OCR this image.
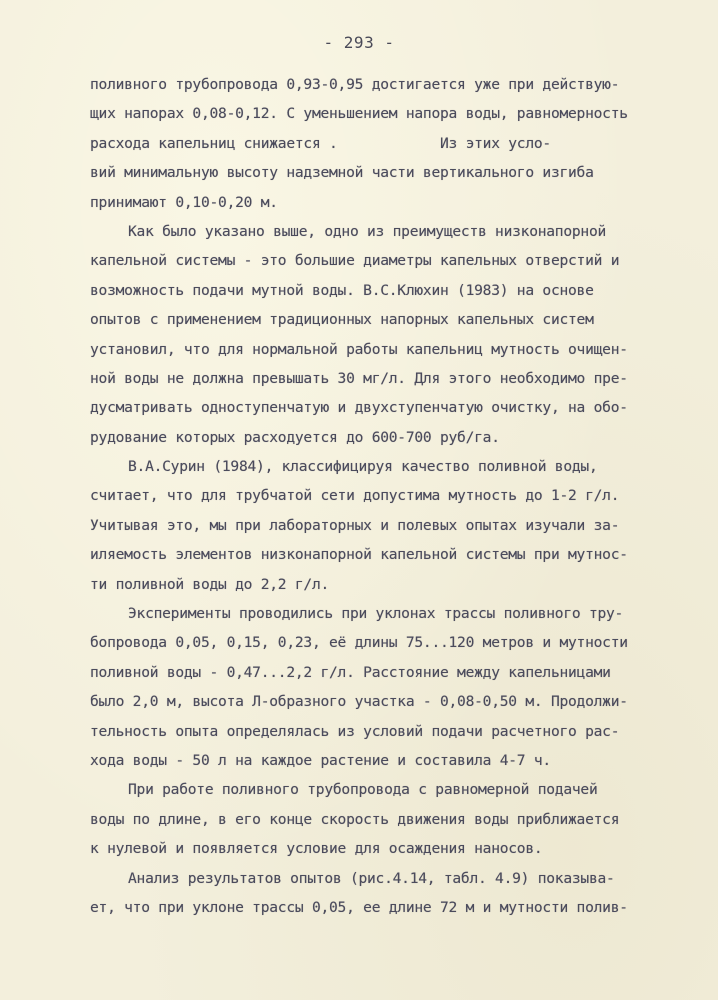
- 293 -
поливного трубопровода 0,93-0,95 достигается уже при действую-
щих напорах 0,08-0,12. С уменьшением напора воды, равномерность
расхода капельниц снижается .            Из этих усло-
вий минимальную высоту надземной части вертикального изгиба
принимают 0,10-0,20 м.
Как было указано выше, одно из преимуществ низконапорной
капельной системы - это большие диаметры капельных отверстий и
возможность подачи мутной воды. В.С.Клюхин (1983) на основе
опытов с применением традиционных напорных капельных систем
установил, что для нормальной работы капельниц мутность очищен-
ной воды не должна превышать 30 мг/л. Для этого необходимо пре-
дусматривать одноступенчатую и двухступенчатую очистку, на обо-
рудование которых расходуется до 600-700 руб/га.
В.А.Сурин (1984), классифицируя качество поливной воды,
считает, что для трубчатой сети допустима мутность до 1-2 г/л.
Учитывая это, мы при лабораторных и полевых опытах изучали за-
иляемость элементов низконапорной капельной системы при мутнос-
ти поливной воды до 2,2 г/л.
Эксперименты проводились при уклонах трассы поливного тру-
бопровода 0,05, 0,15, 0,23, её длины 75...120 метров и мутности
поливной воды - 0,47...2,2 г/л. Расстояние между капельницами
было 2,0 м, высота Л-образного участка - 0,08-0,50 м. Продолжи-
тельность опыта определялась из условий подачи расчетного рас-
хода воды - 50 л на каждое растение и составила 4-7 ч.
При работе поливного трубопровода с равномерной подачей
воды по длине, в его конце скорость движения воды приближается
к нулевой и появляется условие для осаждения наносов.
Анализ результатов опытов (рис.4.14, табл. 4.9) показыва-
ет, что при уклоне трассы 0,05, ее длине 72 м и мутности полив-
